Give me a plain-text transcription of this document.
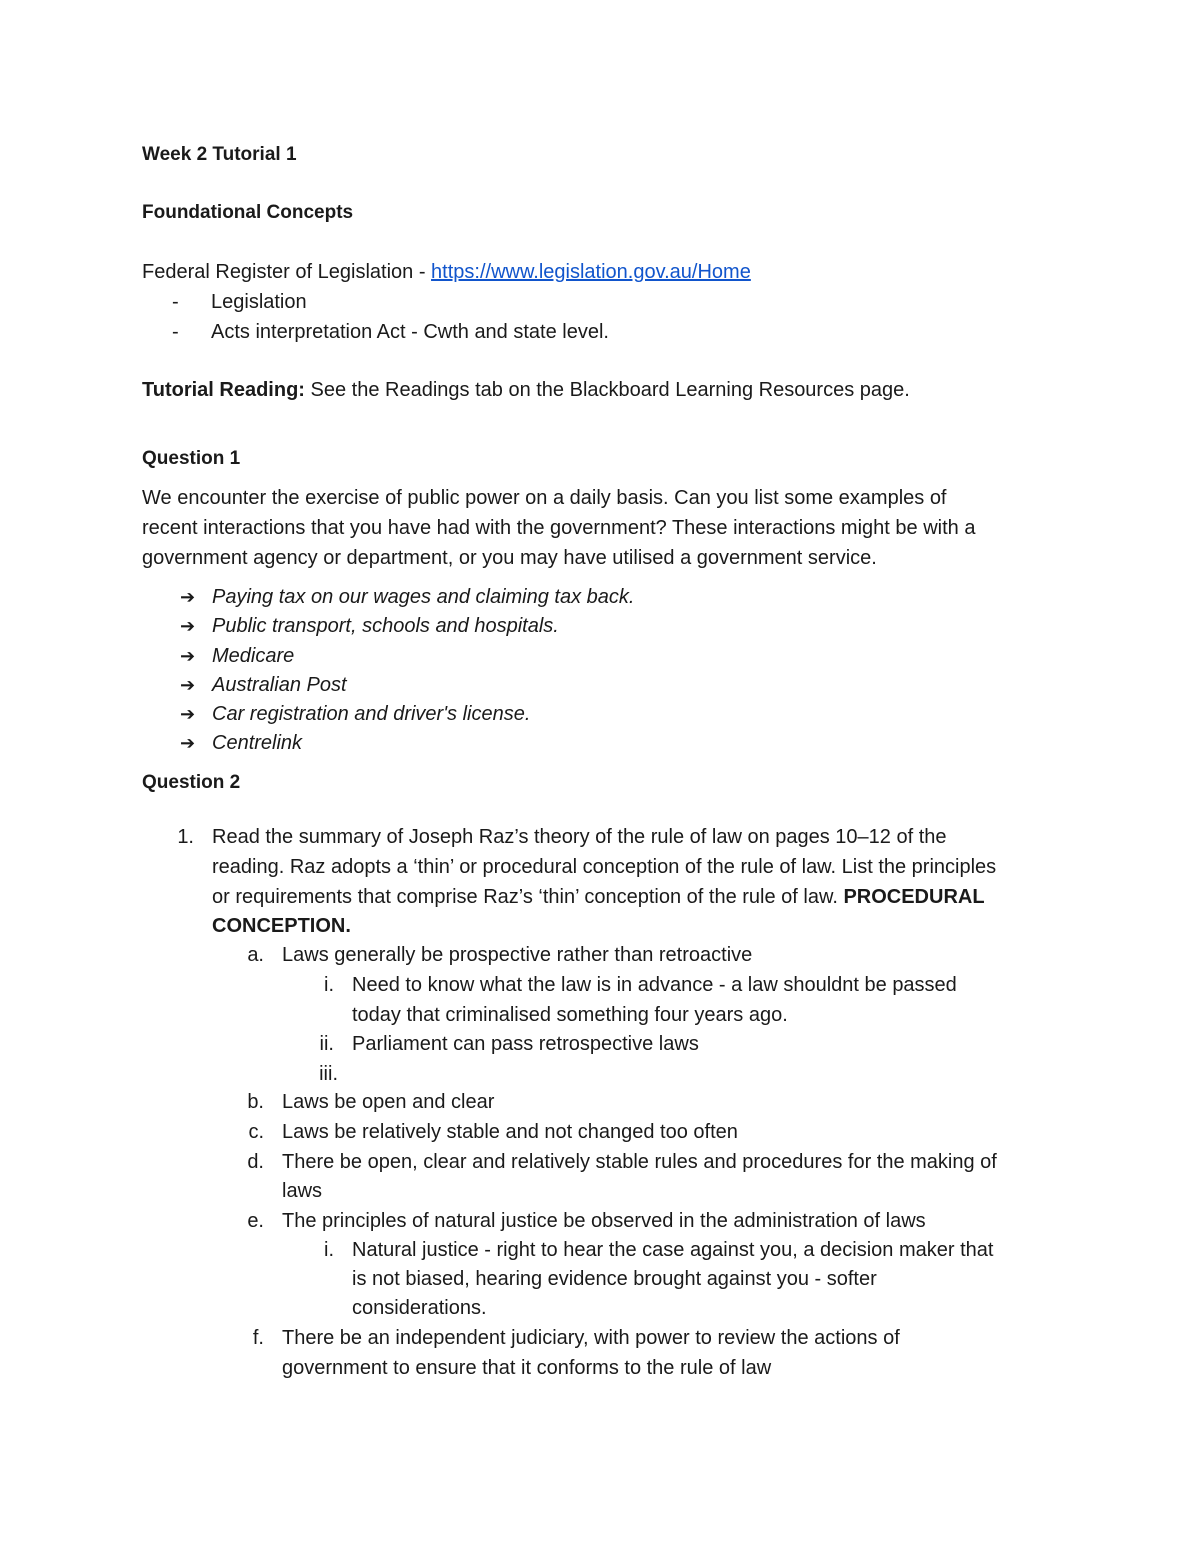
Week 2 Tutorial 1
Foundational Concepts
Federal Register of Legislation - https://www.legislation.gov.au/Home
-	Legislation
-	Acts interpretation Act - Cwth and state level.
Tutorial Reading: See the Readings tab on the Blackboard Learning Resources page.
Question 1
We encounter the exercise of public power on a daily basis. Can you list some examples of
recent interactions that you have had with the government? These interactions might be with a
government agency or department, or you may have utilised a government service.
➔ Paying tax on our wages and claiming tax back.
➔ Public transport, schools and hospitals.
➔ Medicare
➔ Australian Post
➔ Car registration and driver's license.
➔ Centrelink
Question 2
1. Read the summary of Joseph Raz’s theory of the rule of law on pages 10–12 of the
reading. Raz adopts a ‘thin’ or procedural conception of the rule of law. List the principles
or requirements that comprise Raz’s ‘thin’ conception of the rule of law. PROCEDURAL
CONCEPTION.
a. Laws generally be prospective rather than retroactive
i. Need to know what the law is in advance - a law shouldnt be passed
today that criminalised something four years ago.
ii. Parliament can pass retrospective laws
iii.
b. Laws be open and clear
c. Laws be relatively stable and not changed too often
d. There be open, clear and relatively stable rules and procedures for the making of
laws
e. The principles of natural justice be observed in the administration of laws
i. Natural justice - right to hear the case against you, a decision maker that
is not biased, hearing evidence brought against you - softer
considerations.
f. There be an independent judiciary, with power to review the actions of
government to ensure that it conforms to the rule of law
